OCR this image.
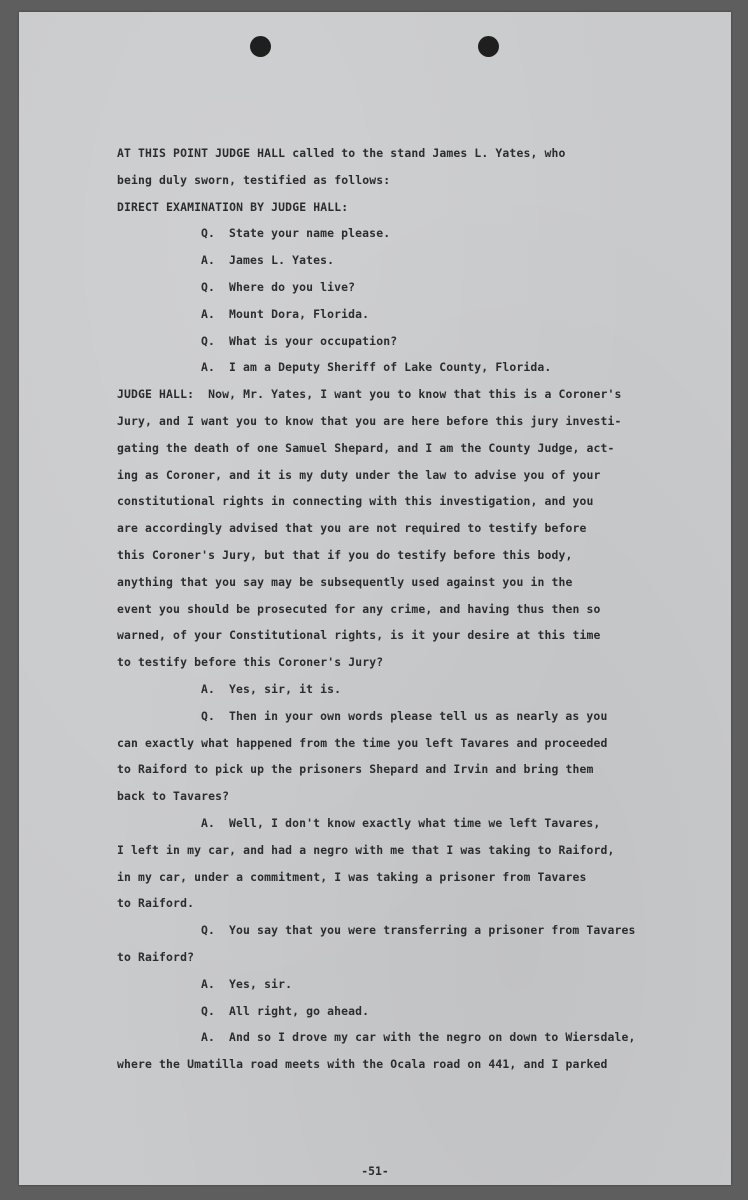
AT THIS POINT JUDGE HALL called to the stand James L. Yates, who
being duly sworn, testified as follows:
DIRECT EXAMINATION BY JUDGE HALL:
Q.  State your name please.
A.  James L. Yates.
Q.  Where do you live?
A.  Mount Dora, Florida.
Q.  What is your occupation?
A.  I am a Deputy Sheriff of Lake County, Florida.
JUDGE HALL:  Now, Mr. Yates, I want you to know that this is a Coroner's
Jury, and I want you to know that you are here before this jury investi-
gating the death of one Samuel Shepard, and I am the County Judge, act-
ing as Coroner, and it is my duty under the law to advise you of your
constitutional rights in connecting with this investigation, and you
are accordingly advised that you are not required to testify before
this Coroner's Jury, but that if you do testify before this body,
anything that you say may be subsequently used against you in the
event you should be prosecuted for any crime, and having thus then so
warned, of your Constitutional rights, is it your desire at this time
to testify before this Coroner's Jury?
A.  Yes, sir, it is.
Q.  Then in your own words please tell us as nearly as you
can exactly what happened from the time you left Tavares and proceeded
to Raiford to pick up the prisoners Shepard and Irvin and bring them
back to Tavares?
A.  Well, I don't know exactly what time we left Tavares,
I left in my car, and had a negro with me that I was taking to Raiford,
in my car, under a commitment, I was taking a prisoner from Tavares
to Raiford.
Q.  You say that you were transferring a prisoner from Tavares
to Raiford?
A.  Yes, sir.
Q.  All right, go ahead.
A.  And so I drove my car with the negro on down to Wiersdale,
where the Umatilla road meets with the Ocala road on 441, and I parked
-51-
